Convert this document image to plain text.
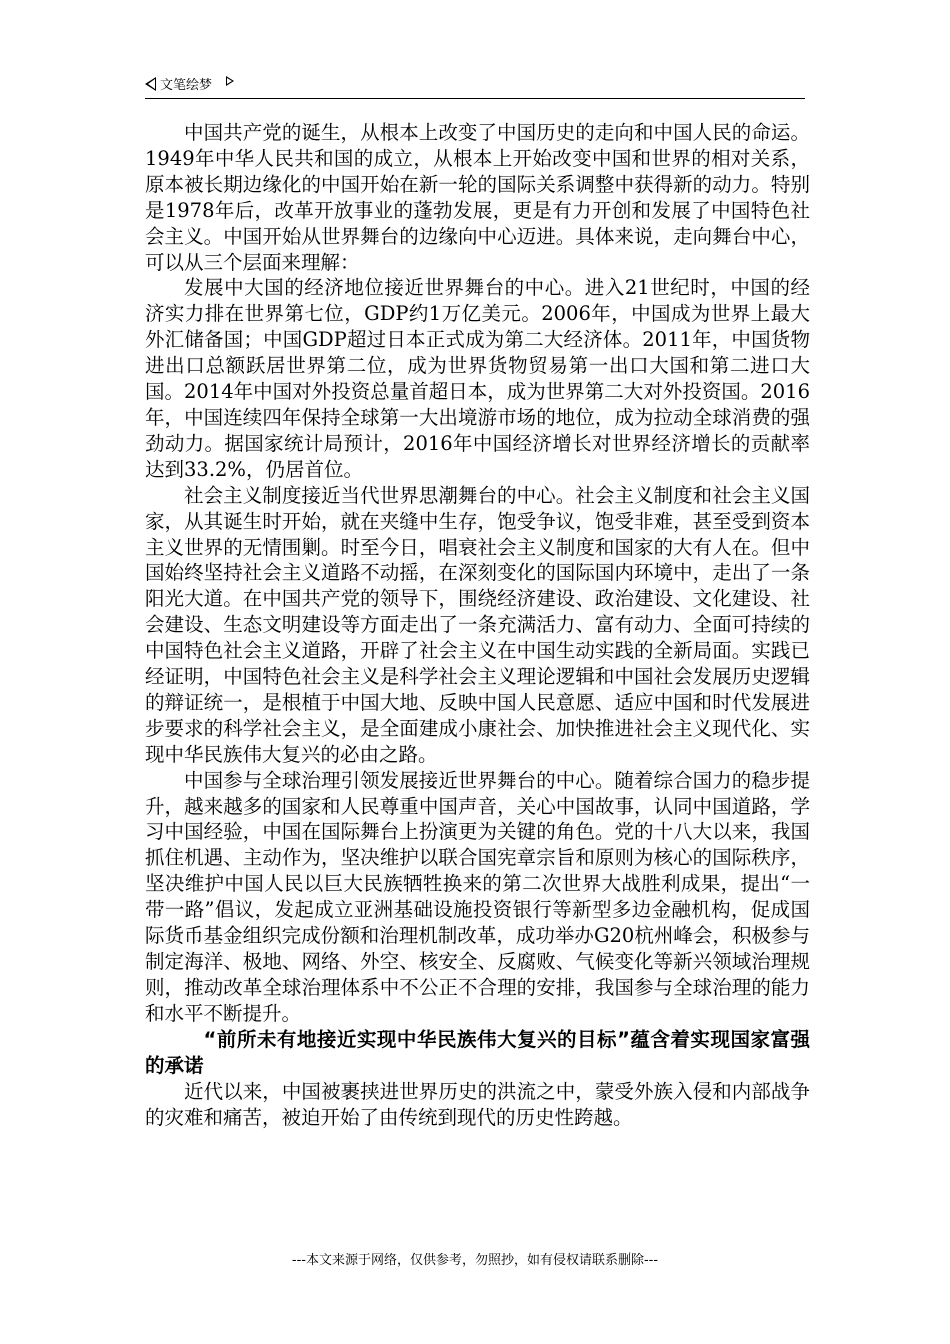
文笔绘梦

中国共产党的诞生，从根本上改变了中国历史的走向和中国人民的命运。1949年中华人民共和国的成立，从根本上开始改变中国和世界的相对关系，原本被长期边缘化的中国开始在新一轮的国际关系调整中获得新的动力。特别是1978年后，改革开放事业的蓬勃发展，更是有力开创和发展了中国特色社会主义。中国开始从世界舞台的边缘向中心迈进。具体来说，走向舞台中心，可以从三个层面来理解：

发展中大国的经济地位接近世界舞台的中心。进入21世纪时，中国的经济实力排在世界第七位，GDP约1万亿美元。2006年，中国成为世界上最大外汇储备国；中国GDP超过日本正式成为第二大经济体。2011年，中国货物进出口总额跃居世界第二位，成为世界货物贸易第一出口大国和第二进口大国。2014年中国对外投资总量首超日本，成为世界第二大对外投资国。2016年，中国连续四年保持全球第一大出境游市场的地位，成为拉动全球消费的强劲动力。据国家统计局预计，2016年中国经济增长对世界经济增长的贡献率达到33.2%，仍居首位。

社会主义制度接近当代世界思潮舞台的中心。社会主义制度和社会主义国家，从其诞生时开始，就在夹缝中生存，饱受争议，饱受非难，甚至受到资本主义世界的无情围剿。时至今日，唱衰社会主义制度和国家的大有人在。但中国始终坚持社会主义道路不动摇，在深刻变化的国际国内环境中，走出了一条阳光大道。在中国共产党的领导下，围绕经济建设、政治建设、文化建设、社会建设、生态文明建设等方面走出了一条充满活力、富有动力、全面可持续的中国特色社会主义道路，开辟了社会主义在中国生动实践的全新局面。实践已经证明，中国特色社会主义是科学社会主义理论逻辑和中国社会发展历史逻辑的辩证统一，是根植于中国大地、反映中国人民意愿、适应中国和时代发展进步要求的科学社会主义，是全面建成小康社会、加快推进社会主义现代化、实现中华民族伟大复兴的必由之路。

中国参与全球治理引领发展接近世界舞台的中心。随着综合国力的稳步提升，越来越多的国家和人民尊重中国声音，关心中国故事，认同中国道路，学习中国经验，中国在国际舞台上扮演更为关键的角色。党的十八大以来，我国抓住机遇、主动作为，坚决维护以联合国宪章宗旨和原则为核心的国际秩序，坚决维护中国人民以巨大民族牺牲换来的第二次世界大战胜利成果，提出“一带一路”倡议，发起成立亚洲基础设施投资银行等新型多边金融机构，促成国际货币基金组织完成份额和治理机制改革，成功举办G20杭州峰会，积极参与制定海洋、极地、网络、外空、核安全、反腐败、气候变化等新兴领域治理规则，推动改革全球治理体系中不公正不合理的安排，我国参与全球治理的能力和水平不断提升。

“前所未有地接近实现中华民族伟大复兴的目标”蕴含着实现国家富强的承诺

近代以来，中国被裹挟进世界历史的洪流之中，蒙受外族入侵和内部战争的灾难和痛苦，被迫开始了由传统到现代的历史性跨越。

---本文来源于网络，仅供参考，勿照抄，如有侵权请联系删除---
